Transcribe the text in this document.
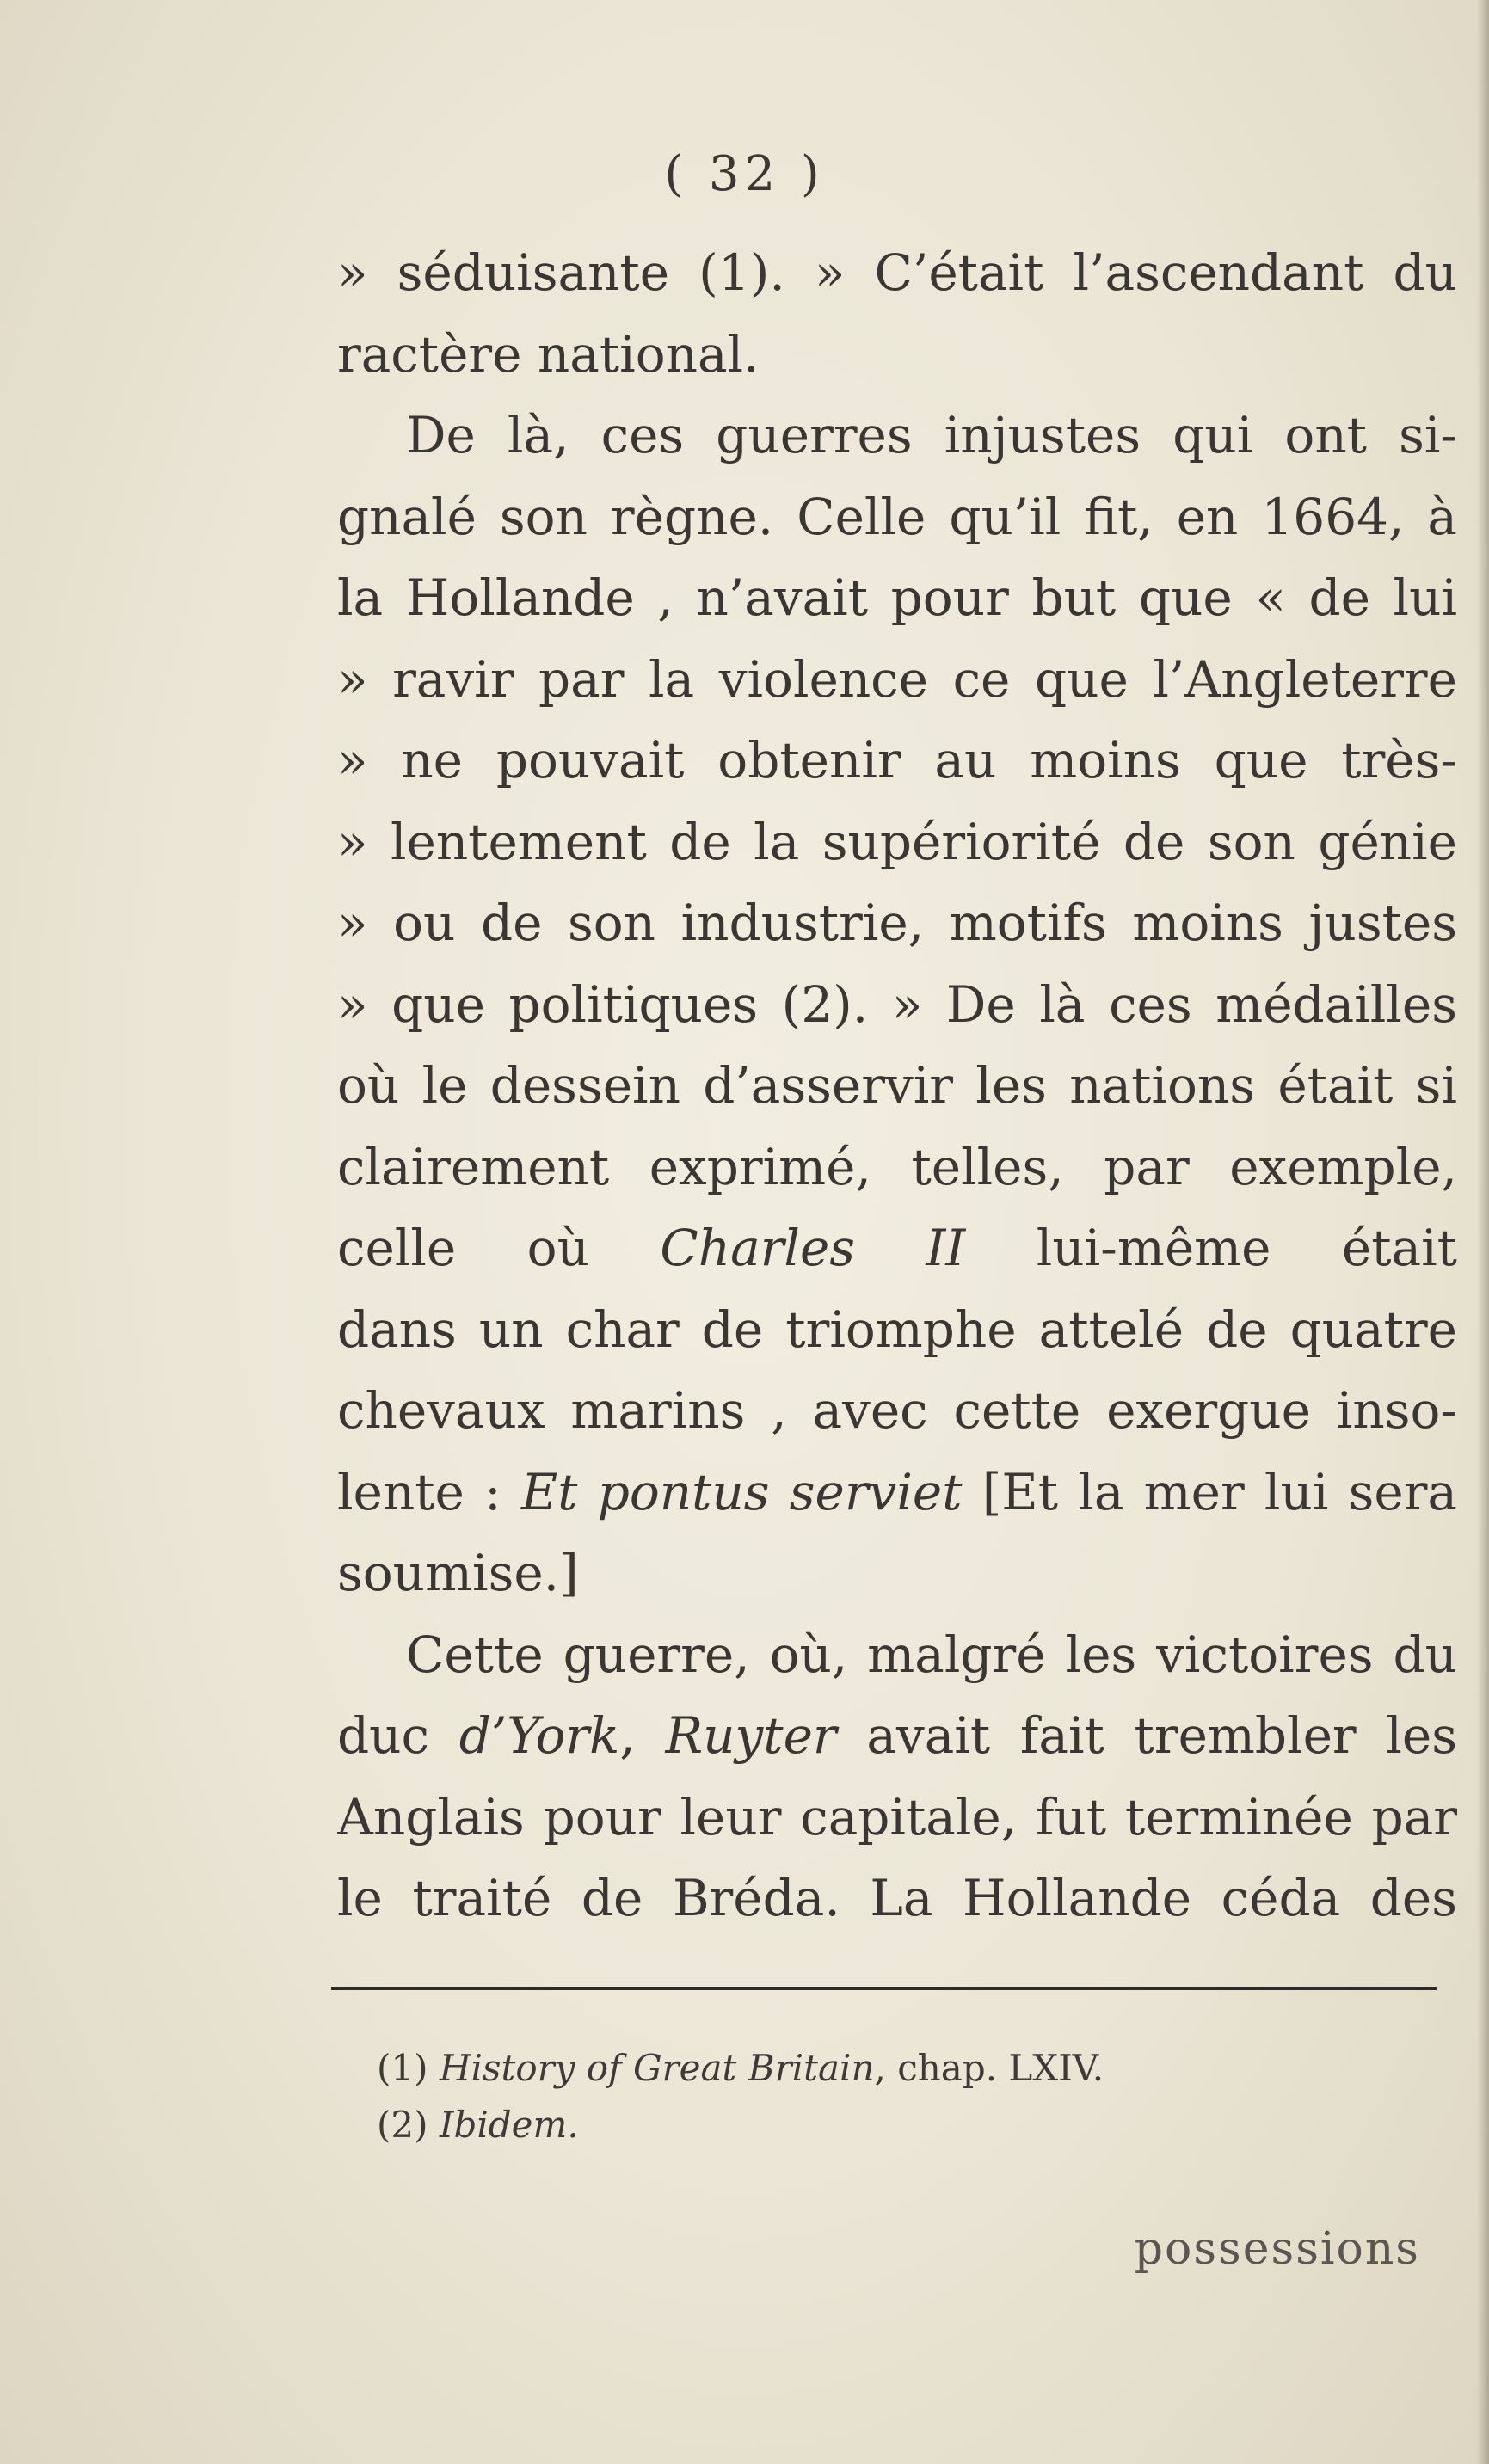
( 32 )
» séduisante (1). » C’était l’ascendant du
ractère national.
De là, ces guerres injustes qui ont si-
gnalé son règne. Celle qu’il fit, en 1664, à
la Hollande , n’avait pour but que « de lui
» ravir par la violence ce que l’Angleterre
» ne pouvait obtenir au moins que très-
» lentement de la supériorité de son génie
» ou de son industrie, motifs moins justes
» que politiques (2). » De là ces médailles
où le dessein d’asservir les nations était si
clairement exprimé, telles, par exemple,
celle où Charles II lui-même était
dans un char de triomphe attelé de quatre
chevaux marins , avec cette exergue inso-
lente : Et pontus serviet [Et la mer lui sera
soumise.]
Cette guerre, où, malgré les victoires du
duc d’York, Ruyter avait fait trembler les
Anglais pour leur capitale, fut terminée par
le traité de Bréda. La Hollande céda des
(1) History of Great Britain, chap. LXIV.
(2) Ibidem.
possessions
